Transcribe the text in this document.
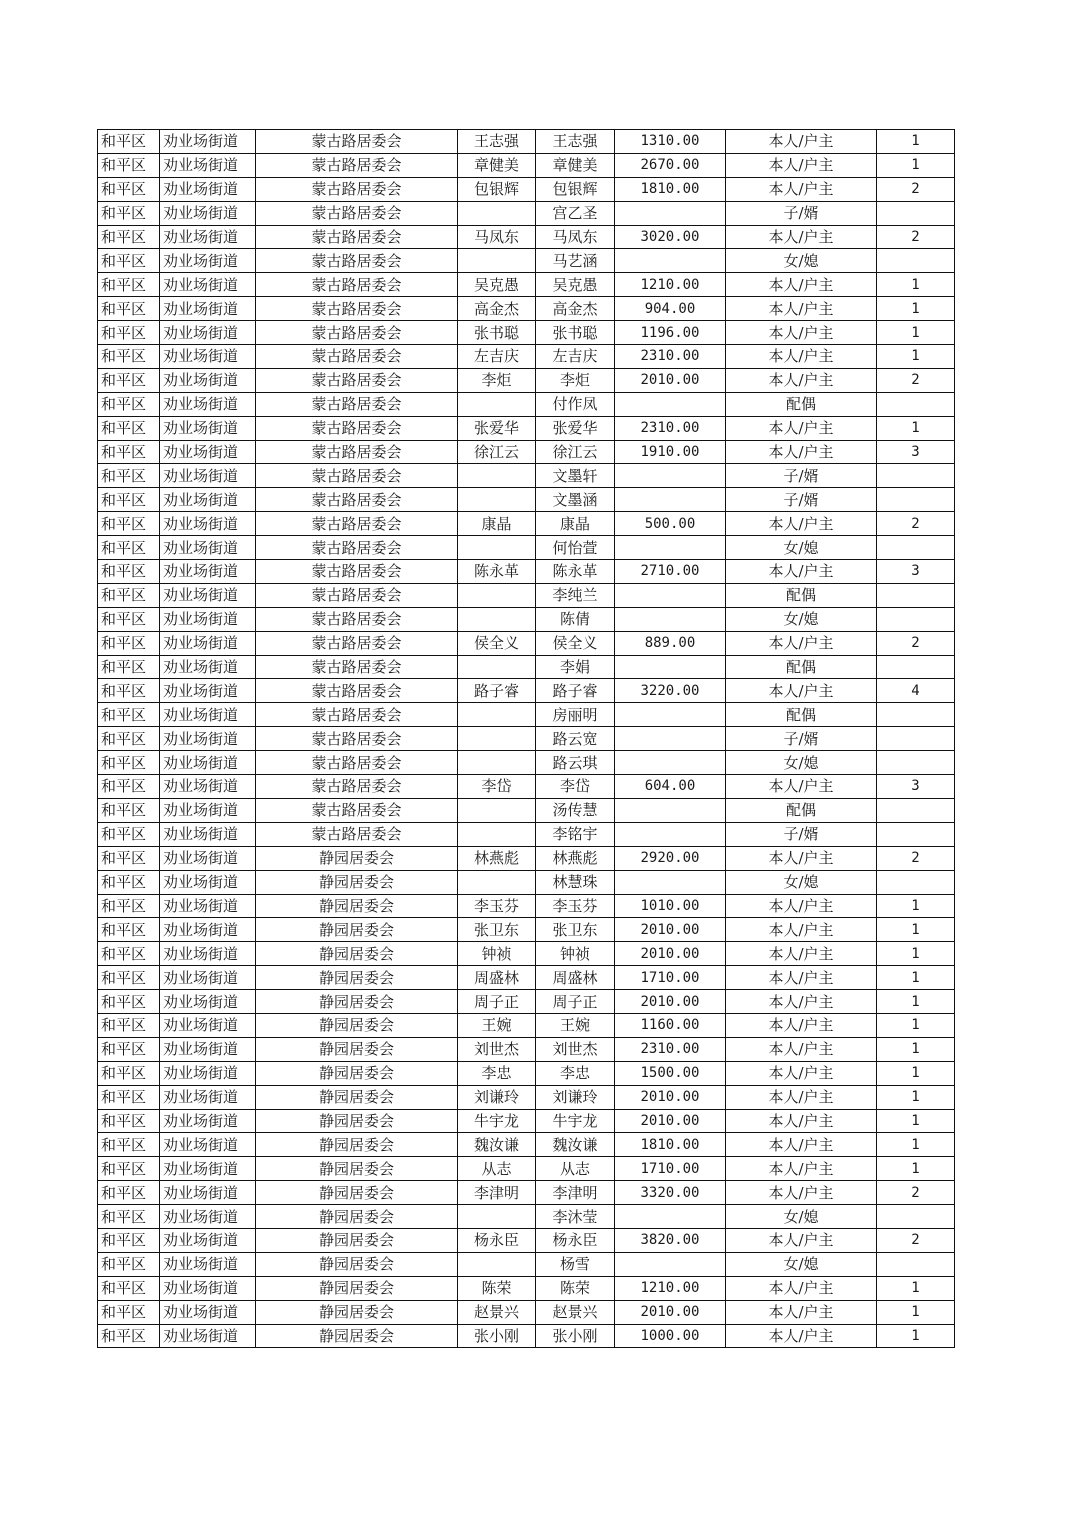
和平区	劝业场街道	蒙古路居委会	王志强	王志强	1310.00	本人/户主	1
和平区	劝业场街道	蒙古路居委会	章健美	章健美	2670.00	本人/户主	1
和平区	劝业场街道	蒙古路居委会	包银辉	包银辉	1810.00	本人/户主	2
和平区	劝业场街道	蒙古路居委会		宫乙圣		子/婿	
和平区	劝业场街道	蒙古路居委会	马凤东	马凤东	3020.00	本人/户主	2
和平区	劝业场街道	蒙古路居委会		马艺涵		女/媳	
和平区	劝业场街道	蒙古路居委会	吴克愚	吴克愚	1210.00	本人/户主	1
和平区	劝业场街道	蒙古路居委会	高金杰	高金杰	904.00	本人/户主	1
和平区	劝业场街道	蒙古路居委会	张书聪	张书聪	1196.00	本人/户主	1
和平区	劝业场街道	蒙古路居委会	左吉庆	左吉庆	2310.00	本人/户主	1
和平区	劝业场街道	蒙古路居委会	李炬	李炬	2010.00	本人/户主	2
和平区	劝业场街道	蒙古路居委会		付作凤		配偶	
和平区	劝业场街道	蒙古路居委会	张爱华	张爱华	2310.00	本人/户主	1
和平区	劝业场街道	蒙古路居委会	徐江云	徐江云	1910.00	本人/户主	3
和平区	劝业场街道	蒙古路居委会		文墨轩		子/婿	
和平区	劝业场街道	蒙古路居委会		文墨涵		子/婿	
和平区	劝业场街道	蒙古路居委会	康晶	康晶	500.00	本人/户主	2
和平区	劝业场街道	蒙古路居委会		何怡萱		女/媳	
和平区	劝业场街道	蒙古路居委会	陈永革	陈永革	2710.00	本人/户主	3
和平区	劝业场街道	蒙古路居委会		李纯兰		配偶	
和平区	劝业场街道	蒙古路居委会		陈倩		女/媳	
和平区	劝业场街道	蒙古路居委会	侯全义	侯全义	889.00	本人/户主	2
和平区	劝业场街道	蒙古路居委会		李娟		配偶	
和平区	劝业场街道	蒙古路居委会	路子睿	路子睿	3220.00	本人/户主	4
和平区	劝业场街道	蒙古路居委会		房丽明		配偶	
和平区	劝业场街道	蒙古路居委会		路云宽		子/婿	
和平区	劝业场街道	蒙古路居委会		路云琪		女/媳	
和平区	劝业场街道	蒙古路居委会	李岱	李岱	604.00	本人/户主	3
和平区	劝业场街道	蒙古路居委会		汤传慧		配偶	
和平区	劝业场街道	蒙古路居委会		李铭宇		子/婿	
和平区	劝业场街道	静园居委会	林燕彪	林燕彪	2920.00	本人/户主	2
和平区	劝业场街道	静园居委会		林慧珠		女/媳	
和平区	劝业场街道	静园居委会	李玉芬	李玉芬	1010.00	本人/户主	1
和平区	劝业场街道	静园居委会	张卫东	张卫东	2010.00	本人/户主	1
和平区	劝业场街道	静园居委会	钟祯	钟祯	2010.00	本人/户主	1
和平区	劝业场街道	静园居委会	周盛林	周盛林	1710.00	本人/户主	1
和平区	劝业场街道	静园居委会	周子正	周子正	2010.00	本人/户主	1
和平区	劝业场街道	静园居委会	王婉	王婉	1160.00	本人/户主	1
和平区	劝业场街道	静园居委会	刘世杰	刘世杰	2310.00	本人/户主	1
和平区	劝业场街道	静园居委会	李忠	李忠	1500.00	本人/户主	1
和平区	劝业场街道	静园居委会	刘谦玲	刘谦玲	2010.00	本人/户主	1
和平区	劝业场街道	静园居委会	牛宇龙	牛宇龙	2010.00	本人/户主	1
和平区	劝业场街道	静园居委会	魏汝谦	魏汝谦	1810.00	本人/户主	1
和平区	劝业场街道	静园居委会	从志	从志	1710.00	本人/户主	1
和平区	劝业场街道	静园居委会	李津明	李津明	3320.00	本人/户主	2
和平区	劝业场街道	静园居委会		李沐莹		女/媳	
和平区	劝业场街道	静园居委会	杨永臣	杨永臣	3820.00	本人/户主	2
和平区	劝业场街道	静园居委会		杨雪		女/媳	
和平区	劝业场街道	静园居委会	陈荣	陈荣	1210.00	本人/户主	1
和平区	劝业场街道	静园居委会	赵景兴	赵景兴	2010.00	本人/户主	1
和平区	劝业场街道	静园居委会	张小刚	张小刚	1000.00	本人/户主	1
